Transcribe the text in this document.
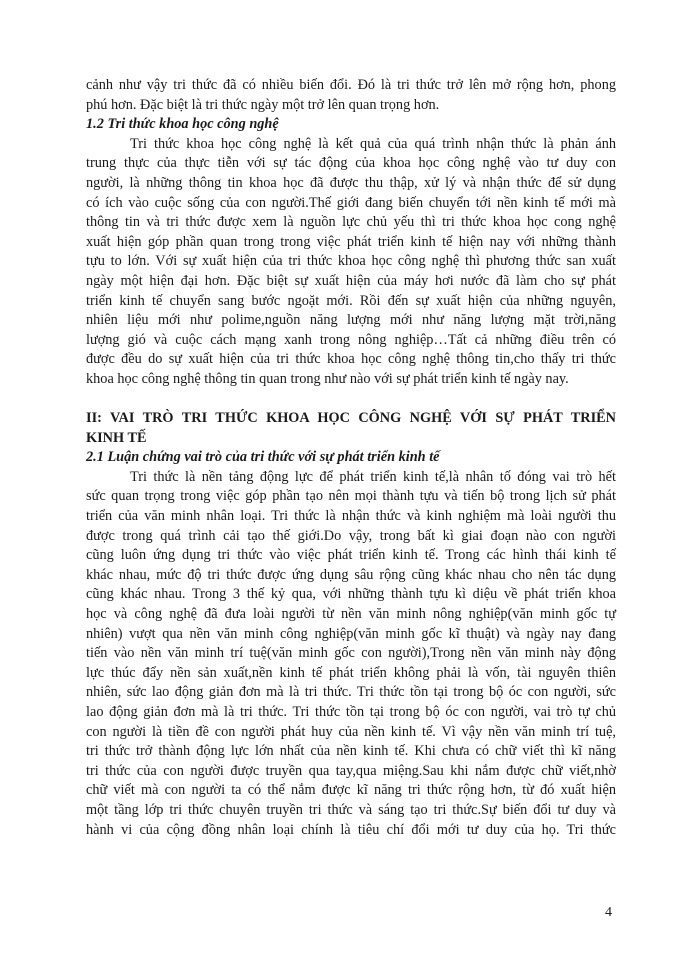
cảnh như vậy tri thức đã có nhiều biến đổi. Đó là tri thức trở lên mở rộng hơn, phong
phú hơn. Đặc biệt là tri thức ngày một trở lên quan trọng hơn.
1.2 Tri thức khoa học công nghệ
Tri thức khoa học công nghệ là kết quả của quá trình nhận thức là phản ánh
trung thực của thực tiễn với sự tác động của khoa học công nghệ vào tư duy con
người, là những thông tin khoa học đã được thu thập, xử lý và nhận thức để sử dụng
có ích vào cuộc sống của con người.Thế giới đang biến chuyển tới nền kinh tế mới mà
thông tin và tri thức được xem là nguồn lực chủ yếu thì tri thức khoa học cong nghệ
xuất hiện góp phần quan trong trong việc phát triển kinh tế hiện nay với những thành
tựu to lớn. Với sự xuất hiện của tri thức khoa học công nghệ thì phương thức san xuất
ngày một hiện đại hơn. Đặc biệt sự xuất hiện của máy hơi nước đã làm cho sự phát
triển kinh tế chuyển sang bước ngoặt mới. Rồi đến sự xuất hiện của những nguyên,
nhiên liệu mới như polime,nguồn năng lượng mới như năng lượng mặt trời,năng
lượng gió và cuộc cách mạng xanh trong nông nghiệp…Tất cả những điều trên có
được đều do sự xuất hiện của tri thức khoa học công nghệ thông tin,cho thấy tri thức
khoa học công nghệ thông tin quan trong như nào với sự phát triển kinh tế ngày nay.
II: VAI TRÒ TRI THỨC KHOA HỌC CÔNG NGHỆ VỚI SỰ PHÁT TRIỂN
KINH TẾ
2.1 Luận chứng vai trò của tri thức với sự phát triển kinh tế
Tri thức là nền tảng động lực để phát triển kinh tế,là nhân tố đóng vai trò hết
sức quan trọng trong việc góp phần tạo nên mọi thành tựu và tiến bộ trong lịch sử phát
triển của văn minh nhân loại. Tri thức là nhận thức và kinh nghiệm mà loài người thu
được trong quá trình cải tạo thế giới.Do vậy, trong bất kì giai đoạn nào con người
cũng luôn ứng dụng tri thức vào việc phát triển kinh tế. Trong các hình thái kinh tế
khác nhau, mức độ tri thức được ứng dụng sâu rộng cũng khác nhau cho nên tác dụng
cũng khác nhau. Trong 3 thế kỷ qua, với những thành tựu kì diệu về phát triển khoa
học và công nghệ đã đưa loài người từ nền văn minh nông nghiệp(văn minh gốc tự
nhiên) vượt qua nền văn minh công nghiệp(văn minh gốc kĩ thuật) và ngày nay đang
tiến vào nền văn minh trí tuệ(văn minh gốc con người),Trong nền văn minh này động
lực thúc đẩy nền sản xuất,nền kinh tế phát triển không phải là vốn, tài nguyên thiên
nhiên, sức lao động giản đơn mà là tri thức. Tri thức tồn tại trong bộ óc con người, sức
lao động giản đơn mà là tri thức. Tri thức tồn tại trong bộ óc con người, vai trò tự chủ
con người là tiền đề con người phát huy của nền kinh tế. Vì vậy nền văn minh trí tuệ,
tri thức trở thành động lực lớn nhất của nền kinh tế. Khi chưa có chữ viết thì kĩ năng
tri thức của con người được truyền qua tay,qua miệng.Sau khi nắm được chữ viết,nhờ
chữ viết mà con người ta có thể nắm được kĩ năng tri thức rộng hơn, từ đó xuất hiện
một tầng lớp tri thức chuyên truyền tri thức và sáng tạo tri thức.Sự biến đổi tư duy và
hành vi của cộng đồng nhân loại chính là tiêu chí đổi mới tư duy của họ. Tri thức
4
